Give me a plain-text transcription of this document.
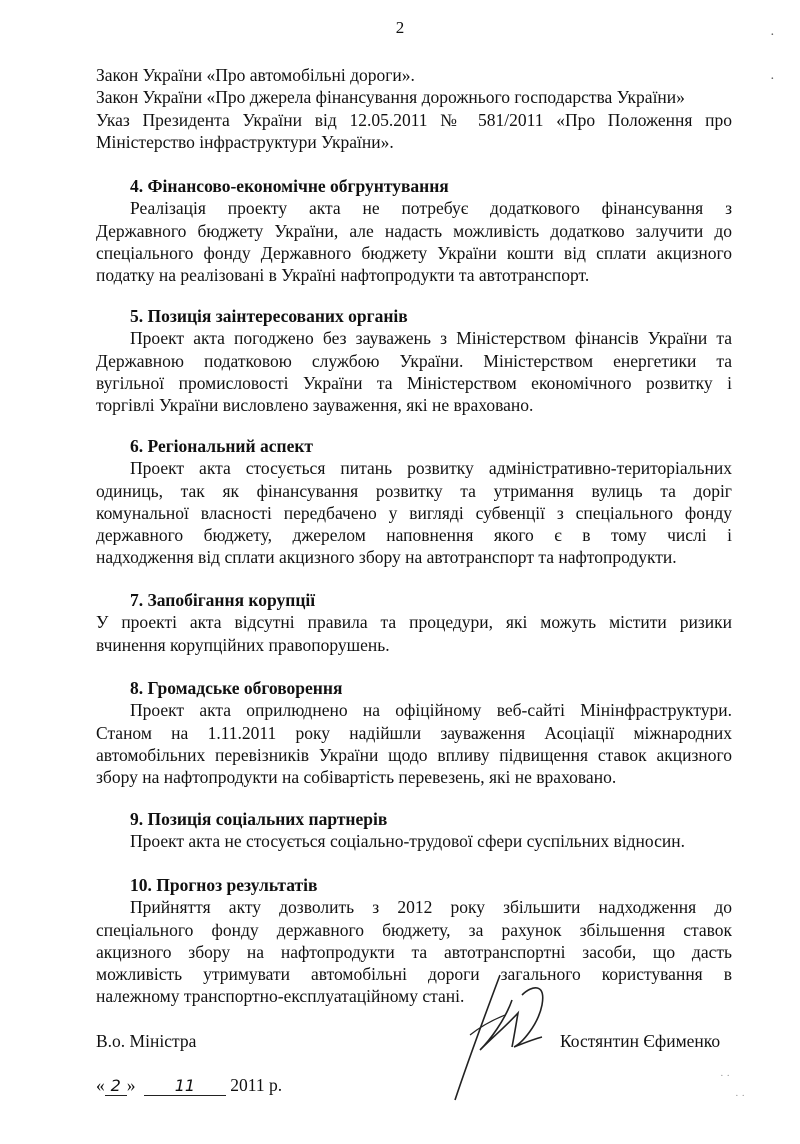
2	·
·
Закон України «Про автомобільні дороги».
Закон України «Про джерела фінансування дорожнього господарства України»
Указ Президента України від 12.05.2011 № 581/2011 «Про Положення про
Міністерство інфраструктури України».
4. Фінансово-економічне обгрунтування
Реалізація проекту акта не потребує додаткового фінансування з
Державного бюджету України, але надасть можливість додатково залучити до
спеціального фонду Державного бюджету України кошти від сплати акцизного
податку на реалізовані в Україні нафтопродукти та автотранспорт.
5. Позиція заінтересованих органів
Проект акта погоджено без зауважень з Міністерством фінансів України та
Державною податковою службою України. Міністерством енергетики та
вугільної промисловості України та Міністерством економічного розвитку і
торгівлі України висловлено зауваження, які не враховано.
6. Регіональний аспект
Проект акта стосується питань розвитку адміністративно-територіальних
одиниць, так як фінансування розвитку та утримання вулиць та доріг
комунальної власності передбачено у вигляді субвенції з спеціального фонду
державного бюджету, джерелом наповнення якого є в тому числі і
надходження від сплати акцизного збору на автотранспорт та нафтопродукти.
7. Запобігання корупції
У проекті акта відсутні правила та процедури, які можуть містити ризики
вчинення корупційних правопорушень.
8. Громадське обговорення
Проект акта оприлюднено на офіційному веб-сайті Мінінфраструктури.
Станом на 1.11.2011 року надійшли зауваження Асоціації міжнародних
автомобільних перевізників України щодо впливу підвищення ставок акцизного
збору на нафтопродукти на собівартість перевезень, які не враховано.
9. Позиція соціальних партнерів
Проект акта не стосується соціально-трудової сфери суспільних відносин.
10. Прогноз результатів
Прийняття акту дозволить з 2012 року збільшити надходження до
спеціального фонду державного бюджету, за рахунок збільшення ставок
акцизного збору на нафтопродукти та автотранспортні засоби, що дасть
можливість утримувати автомобільні дороги загального користування в
належному транспортно-експлуатаційному стані.
В.о. Міністра	Костянтин Єфименко
« 2 » 11 2011 р.	· ·
· ·
